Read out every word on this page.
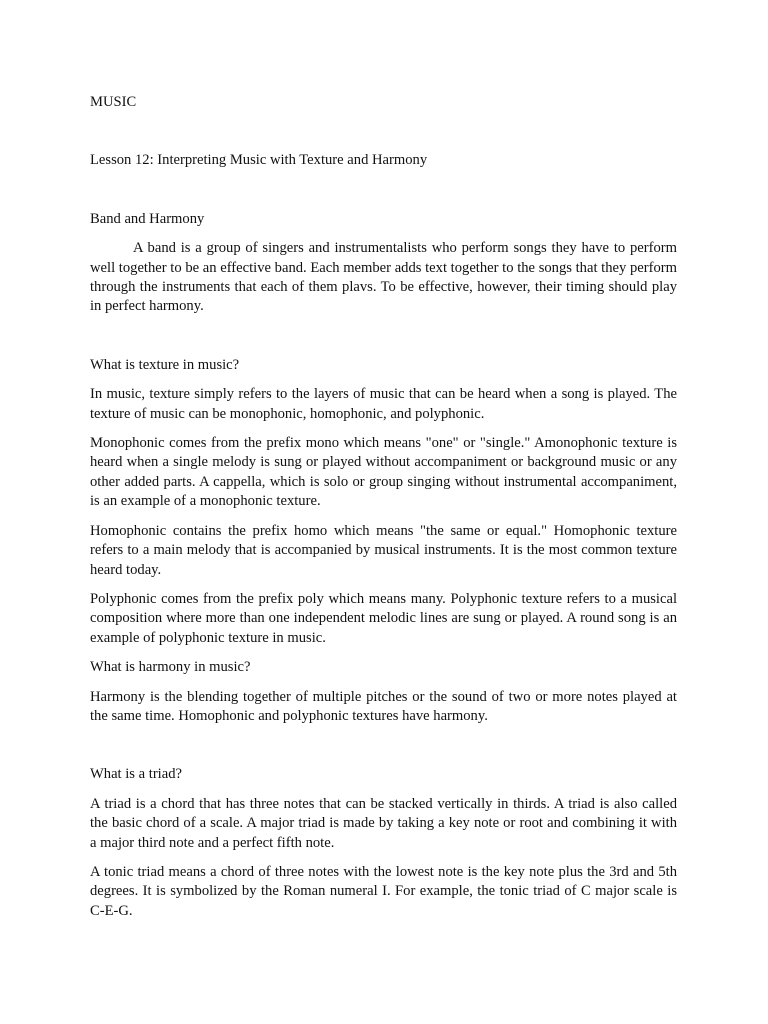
MUSIC

Lesson 12: Interpreting Music with Texture and Harmony

Band and Harmony

A band is a group of singers and instrumentalists who perform songs they have to perform well together to be an effective band. Each member adds text together to the songs that they perform through the instruments that each of them plavs. To be effective, however, their timing should play in perfect harmony.

What is texture in music?

In music, texture simply refers to the layers of music that can be heard when a song is played. The texture of music can be monophonic, homophonic, and polyphonic.

Monophonic comes from the prefix mono which means "one" or "single." Amonophonic texture is heard when a single melody is sung or played without accompaniment or background music or any other added parts. A cappella, which is solo or group singing without instrumental accompaniment, is an example of a monophonic texture.

Homophonic contains the prefix homo which means "the same or equal." Homophonic texture refers to a main melody that is accompanied by musical instruments. It is the most common texture heard today.

Polyphonic comes from the prefix poly which means many. Polyphonic texture refers to a musical composition where more than one independent melodic lines are sung or played. A round song is an example of polyphonic texture in music.

What is harmony in music?

Harmony is the blending together of multiple pitches or the sound of two or more notes played at the same time. Homophonic and polyphonic textures have harmony.

What is a triad?

A triad is a chord that has three notes that can be stacked vertically in thirds. A triad is also called the basic chord of a scale. A major triad is made by taking a key note or root and combining it with a major third note and a perfect fifth note.

A tonic triad means a chord of three notes with the lowest note is the key note plus the 3rd and 5th degrees. It is symbolized by the Roman numeral I. For example, the tonic triad of C major scale is C-E-G.
